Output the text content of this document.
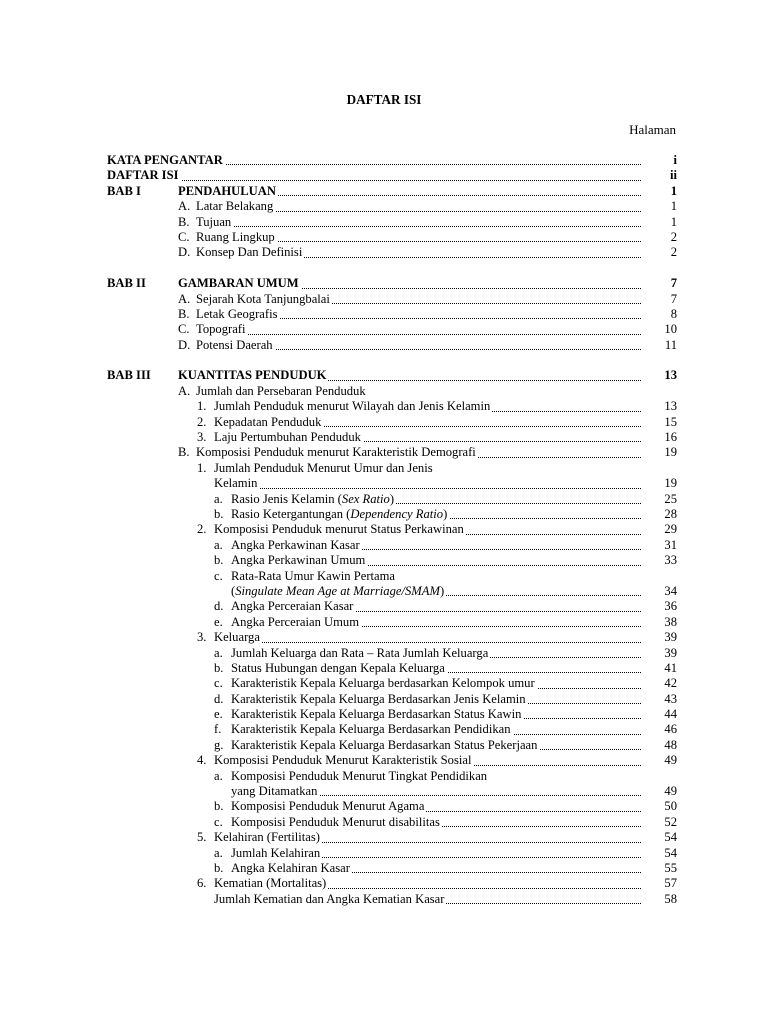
DAFTAR ISI
Halaman
KATA PENGANTAR	i
DAFTAR ISI	ii
BAB I	PENDAHULUAN	1
A. Latar Belakang	1
B. Tujuan	1
C. Ruang Lingkup	2
D. Konsep Dan Definisi	2
BAB II	GAMBARAN UMUM	7
A. Sejarah Kota Tanjungbalai	7
B. Letak Geografis	8
C. Topografi	10
D. Potensi Daerah	11
BAB III KUANTITAS PENDUDUK	13
A. Jumlah dan Persebaran Penduduk
1. Jumlah Penduduk menurut Wilayah dan Jenis Kelamin	13
2. Kepadatan Penduduk	15
3. Laju Pertumbuhan Penduduk	16
B. Komposisi Penduduk menurut Karakteristik Demografi	19
1. Jumlah Penduduk Menurut Umur dan Jenis
Kelamin	19
a. Rasio Jenis Kelamin (Sex Ratio)	25
b. Rasio Ketergantungan (Dependency Ratio)	28
2. Komposisi Penduduk menurut Status Perkawinan	29
a. Angka Perkawinan Kasar	31
b. Angka Perkawinan Umum	33
c. Rata-Rata Umur Kawin Pertama
(Singulate Mean Age at Marriage/SMAM)	34
d. Angka Perceraian Kasar	36
e. Angka Perceraian Umum	38
3. Keluarga	39
a. Jumlah Keluarga dan Rata – Rata Jumlah Keluarga	39
b. Status Hubungan dengan Kepala Keluarga	41
c. Karakteristik Kepala Keluarga berdasarkan Kelompok umur	42
d. Karakteristik Kepala Keluarga Berdasarkan Jenis Kelamin	43
e. Karakteristik Kepala Keluarga Berdasarkan Status Kawin	44
f. Karakteristik Kepala Keluarga Berdasarkan Pendidikan	46
g. Karakteristik Kepala Keluarga Berdasarkan Status Pekerjaan	48
4. Komposisi Penduduk Menurut Karakteristik Sosial	49
a. Komposisi Penduduk Menurut Tingkat Pendidikan
yang Ditamatkan	49
b. Komposisi Penduduk Menurut Agama	50
c. Komposisi Penduduk Menurut disabilitas	52
5. Kelahiran (Fertilitas)	54
a. Jumlah Kelahiran	54
b. Angka Kelahiran Kasar	55
6. Kematian (Mortalitas)	57
Jumlah Kematian dan Angka Kematian Kasar	58
